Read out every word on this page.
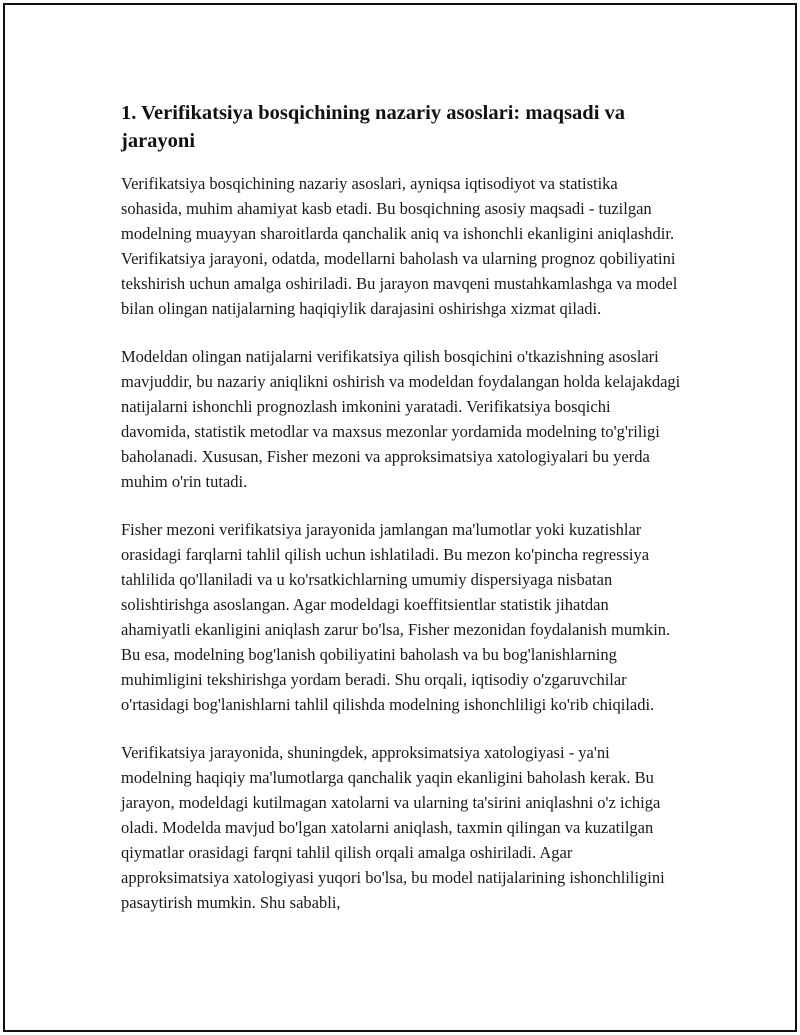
1. Verifikatsiya bosqichining nazariy asoslari: maqsadi va jarayoni

Verifikatsiya bosqichining nazariy asoslari, ayniqsa iqtisodiyot va statistika sohasida, muhim ahamiyat kasb etadi. Bu bosqichning asosiy maqsadi - tuzilgan modelning muayyan sharoitlarda qanchalik aniq va ishonchli ekanligini aniqlashdir. Verifikatsiya jarayoni, odatda, modellarni baholash va ularning prognoz qobiliyatini tekshirish uchun amalga oshiriladi. Bu jarayon mavqeni mustahkamlashga va model bilan olingan natijalarning haqiqiylik darajasini oshirishga xizmat qiladi.

Modeldan olingan natijalarni verifikatsiya qilish bosqichini o'tkazishning asoslari mavjuddir, bu nazariy aniqlikni oshirish va modeldan foydalangan holda kelajakdagi natijalarni ishonchli prognozlash imkonini yaratadi. Verifikatsiya bosqichi davomida, statistik metodlar va maxsus mezonlar yordamida modelning to'g'riligi baholanadi. Xususan, Fisher mezoni va approksimatsiya xatologiyalari bu yerda muhim o'rin tutadi.

Fisher mezoni verifikatsiya jarayonida jamlangan ma'lumotlar yoki kuzatishlar orasidagi farqlarni tahlil qilish uchun ishlatiladi. Bu mezon ko'pincha regressiya tahlilida qo'llaniladi va u ko'rsatkichlarning umumiy dispersiyaga nisbatan solishtirishga asoslangan. Agar modeldagi koeffitsientlar statistik jihatdan ahamiyatli ekanligini aniqlash zarur bo'lsa, Fisher mezonidan foydalanish mumkin. Bu esa, modelning bog'lanish qobiliyatini baholash va bu bog'lanishlarning muhimligini tekshirishga yordam beradi. Shu orqali, iqtisodiy o'zgaruvchilar o'rtasidagi bog'lanishlarni tahlil qilishda modelning ishonchliligi ko'rib chiqiladi.

Verifikatsiya jarayonida, shuningdek, approksimatsiya xatologiyasi - ya'ni modelning haqiqiy ma'lumotlarga qanchalik yaqin ekanligini baholash kerak. Bu jarayon, modeldagi kutilmagan xatolarni va ularning ta'sirini aniqlashni o'z ichiga oladi. Modelda mavjud bo'lgan xatolarni aniqlash, taxmin qilingan va kuzatilgan qiymatlar orasidagi farqni tahlil qilish orqali amalga oshiriladi. Agar approksimatsiya xatologiyasi yuqori bo'lsa, bu model natijalarining ishonchliligini pasaytirish mumkin. Shu sababli,
